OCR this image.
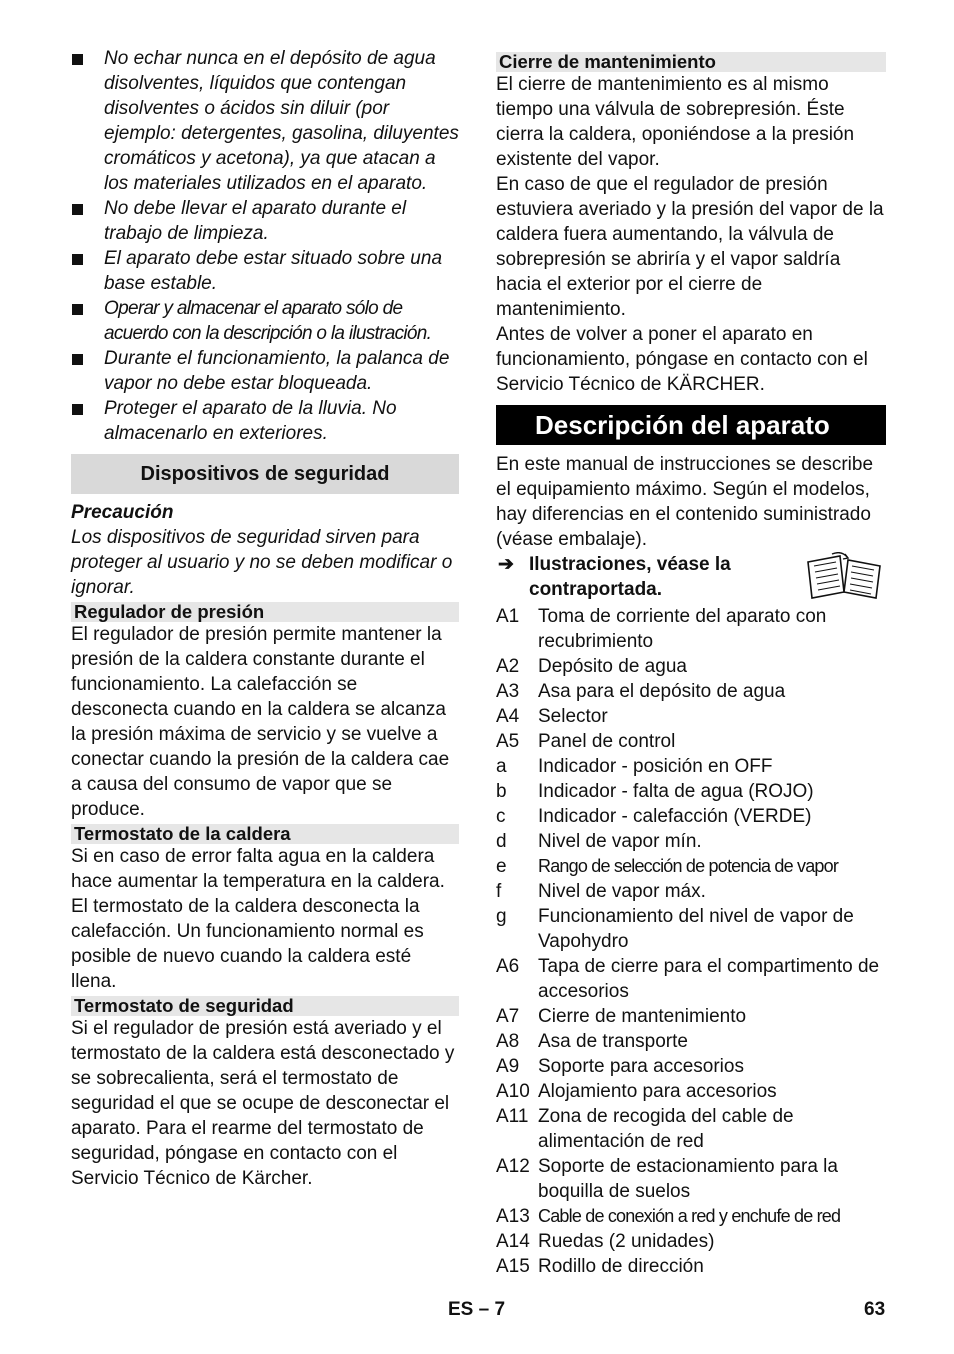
No echar nunca en el depósito de agua disolventes, líquidos que contengan disolventes o ácidos sin diluir (por ejemplo: detergentes, gasolina, diluyentes cromáticos y acetona), ya que atacan a los materiales utilizados en el aparato.
No debe llevar el aparato durante el trabajo de limpieza.
El aparato debe estar situado sobre una base estable.
Operar y almacenar el aparato sólo de acuerdo con la descripción o la ilustración.
Durante el funcionamiento, la palanca de vapor no debe estar bloqueada.
Proteger el aparato de la lluvia. No almacenarlo en exteriores.
Dispositivos de seguridad

Precaución

Los dispositivos de seguridad sirven para proteger al usuario y no se deben modificar o ignorar.

Regulador de presión

El regulador de presión permite mantener la presión de la caldera constante durante el funcionamiento. La calefacción se desconecta cuando en la caldera se alcanza la presión máxima de servicio y se vuelve a conectar cuando la presión de la caldera cae a causa del consumo de vapor que se produce.

Termostato de la caldera

Si en caso de error falta agua en la caldera hace aumentar la temperatura en la caldera. El termostato de la caldera desconecta la calefacción. Un funcionamiento normal es posible de nuevo cuando la caldera esté llena.

Termostato de seguridad

Si el regulador de presión está averiado y el termostato de la caldera está desconectado y se sobrecalienta, será el termostato de seguridad el que se ocupe de desconectar el aparato. Para el rearme del termostato de seguridad, póngase en contacto con el Servicio Técnico de Kärcher.

Cierre de mantenimiento

El cierre de mantenimiento es al mismo tiempo una válvula de sobrepresión. Éste cierra la caldera, oponiéndose a la presión existente del vapor.

En caso de que el regulador de presión estuviera averiado y la presión del vapor de la caldera fuera aumentando, la válvula de sobrepresión se abriría y el vapor saldría hacia el exterior por el cierre de mantenimiento.

Antes de volver a poner el aparato en funcionamiento, póngase en contacto con el Servicio Técnico de KÄRCHER.

Descripción del aparato

En este manual de instrucciones se describe el equipamiento máximo. Según el modelos, hay diferencias en el contenido suministrado (véase embalaje).

➔ Ilustraciones, véase la contraportada.
A1 Toma de corriente del aparato con recubrimiento
A2 Depósito de agua
A3 Asa para el depósito de agua
A4 Selector
A5 Panel de control
a Indicador - posición en OFF
b Indicador - falta de agua (ROJO)
c Indicador - calefacción (VERDE)
d Nivel de vapor mín.
e Rango de selección de potencia de vapor
f Nivel de vapor máx.
g Funcionamiento del nivel de vapor de Vapohydro
A6 Tapa de cierre para el compartimento de accesorios
A7 Cierre de mantenimiento
A8 Asa de transporte
A9 Soporte para accesorios
A10 Alojamiento para accesorios
A11 Zona de recogida del cable de alimentación de red
A12 Soporte de estacionamiento para la boquilla de suelos
A13 Cable de conexión a red y enchufe de red
A14 Ruedas (2 unidades)
A15 Rodillo de dirección
ES – 7	63
